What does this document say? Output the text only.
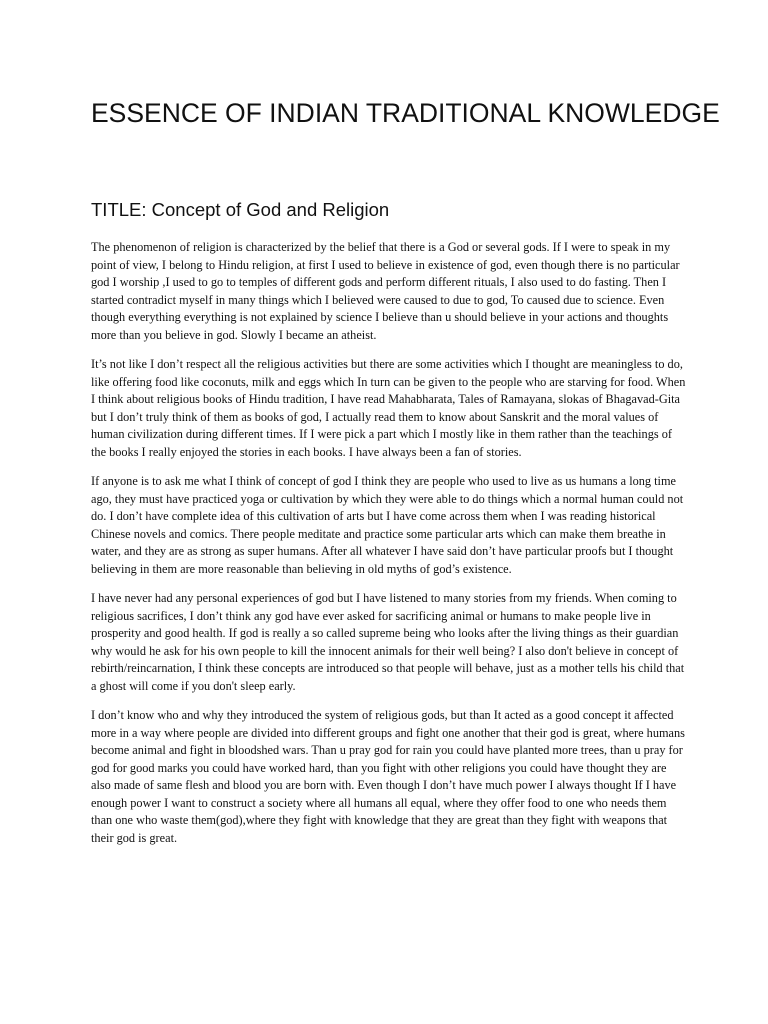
ESSENCE OF INDIAN TRADITIONAL KNOWLEDGE
TITLE: Concept of God and Religion

The phenomenon of religion is characterized by the belief that there is a God or several gods. If I were to speak in my point of view, I belong to Hindu religion, at first I used to believe in existence of god, even though there is no particular god I worship ,I used to go to temples of different gods and perform different rituals, I also used to do fasting. Then I started contradict myself in many things which I believed were caused to due to god, To caused due to science. Even though everything everything is not explained by science I believe than u should believe in your actions and thoughts more than you believe in god. Slowly I became an atheist.

It’s not like I don’t respect all the religious activities but there are some activities which I thought are meaningless to do, like offering food like coconuts, milk and eggs which In turn can be given to the people who are starving for food. When I think about religious books of Hindu tradition, I have read Mahabharata, Tales of Ramayana, slokas of Bhagavad-Gita but I don’t truly think of them as books of god, I actually read them to know about Sanskrit and the moral values of human civilization during different times. If I were pick a part which I mostly like in them rather than the teachings of the books I really enjoyed the stories in each books. I have always been a fan of stories.

If anyone is to ask me what I think of concept of god I think they are people who used to live as us humans a long time ago, they must have practiced yoga or cultivation by which they were able to do things which a normal human could not do. I don’t have complete idea of this cultivation of arts but I have come across them when I was reading historical Chinese novels and comics. There people meditate and practice some particular arts which can make them breathe in water, and they are as strong as super humans. After all whatever I have said don’t have particular proofs but I thought believing in them are more reasonable than believing in old myths of god’s existence.

I have never had any personal experiences of god but I have listened to many stories from my friends. When coming to religious sacrifices, I don’t think any god have ever asked for sacrificing animal or humans to make people live in prosperity and good health. If god is really a so called supreme being who looks after the living things as their guardian why would he ask for his own people to kill the innocent animals for their well being? I also don't believe in concept of rebirth/reincarnation, I think these concepts are introduced so that people will behave, just as a mother tells his child that a ghost will come if you don't sleep early.

I don’t know who and why they introduced the system of religious gods, but than It acted as a good concept it affected more in a way where people are divided into different groups and fight one another that their god is great, where humans become animal and fight in bloodshed wars. Than u pray god for rain you could have planted more trees, than u pray for god for good marks you could have worked hard, than you fight with other religions you could have thought they are also made of same flesh and blood you are born with. Even though I don’t have much power I always thought If I have enough power I want to construct a society where all humans all equal, where they offer food to one who needs them than one who waste them(god),where they fight with knowledge that they are great than they fight with weapons that their god is great.
